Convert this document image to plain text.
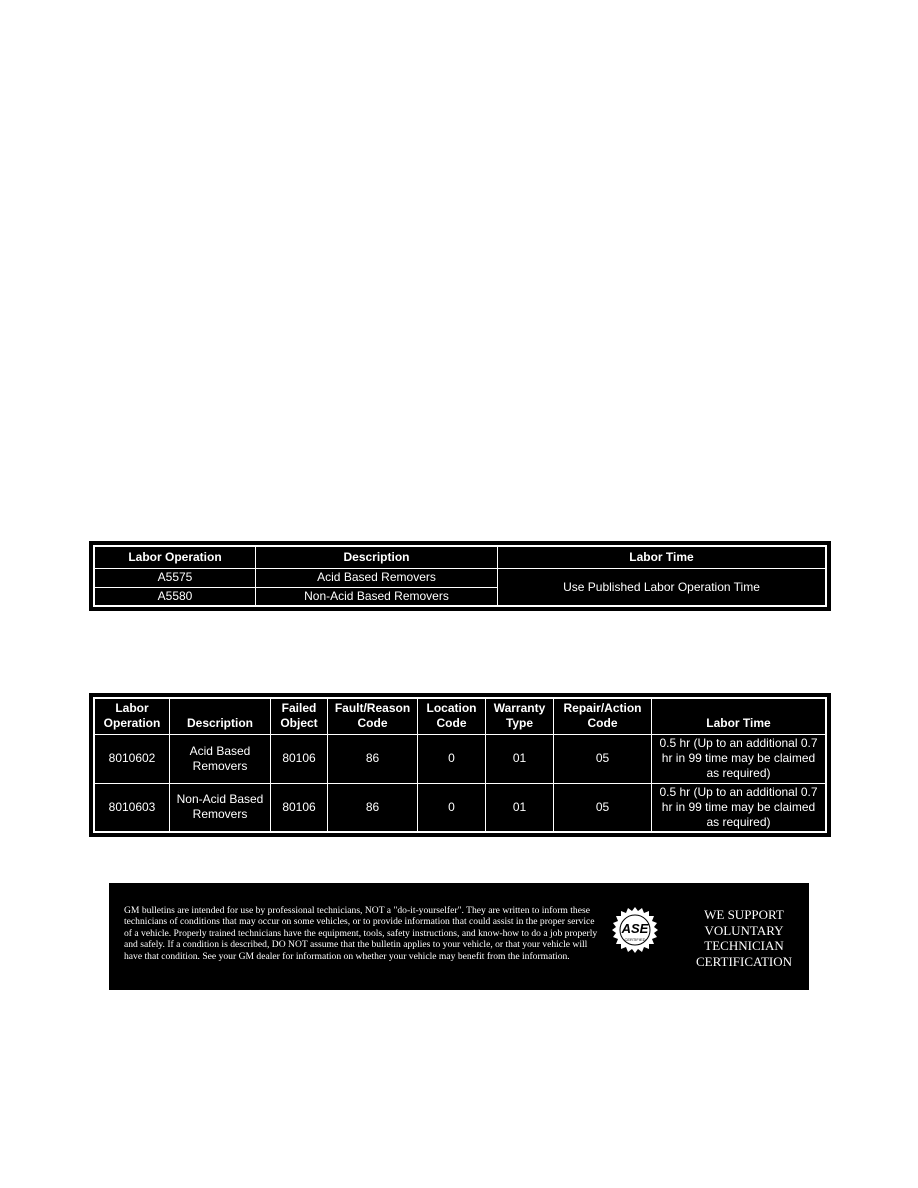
Labor Operation	Description	Labor Time
A5575	Acid Based Removers	Use Published Labor Operation Time
A5580	Non-Acid Based Removers	
Labor Operation	Description	Failed Object	Fault/Reason Code	Location Code	Warranty Type	Repair/Action Code	Labor Time
8010602	Acid Based Removers	80106	86	0	01	05	0.5 hr (Up to an additional 0.7 hr in 99 time may be claimed as required)
8010603	Non-Acid Based Removers	80106	86	0	01	05	0.5 hr (Up to an additional 0.7 hr in 99 time may be claimed as required)
GM bulletins are intended for use by professional technicians, NOT a "do-it-yourselfer". They are written to inform these technicians of conditions that may occur on some vehicles, or to provide information that could assist in the proper service of a vehicle. Properly trained technicians have the equipment, tools, safety instructions, and know-how to do a job properly and safely. If a condition is described, DO NOT assume that the bulletin applies to your vehicle, or that your vehicle will have that condition. See your GM dealer for information on whether your vehicle may benefit from the information.
ASE
CERTIFIED
WE SUPPORT
VOLUNTARY
TECHNICIAN
CERTIFICATION
